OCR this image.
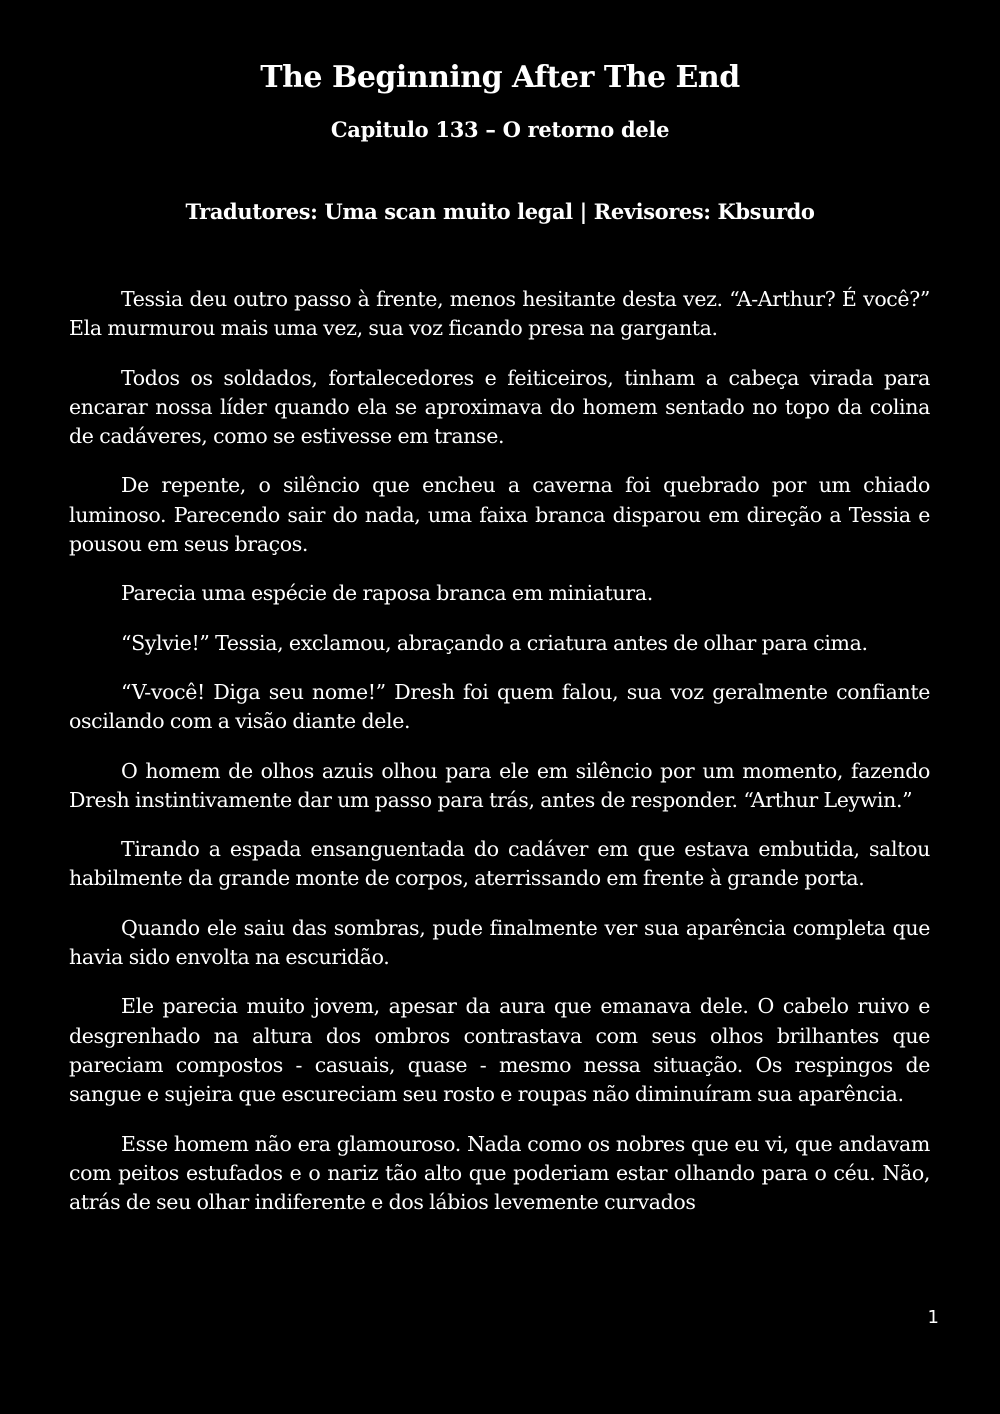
The Beginning After The End
Capitulo 133 – O retorno dele
Tradutores: Uma scan muito legal | Revisores: Kbsurdo

Tessia deu outro passo à frente, menos hesitante desta vez. “A-Arthur? É você?” Ela murmurou mais uma vez, sua voz ficando presa na garganta.

Todos os soldados, fortalecedores e feiticeiros, tinham a cabeça virada para encarar nossa líder quando ela se aproximava do homem sentado no topo da colina de cadáveres, como se estivesse em transe.

De repente, o silêncio que encheu a caverna foi quebrado por um chiado luminoso. Parecendo sair do nada, uma faixa branca disparou em direção a Tessia e pousou em seus braços.

Parecia uma espécie de raposa branca em miniatura.

“Sylvie!” Tessia, exclamou, abraçando a criatura antes de olhar para cima.

“V-você! Diga seu nome!” Dresh foi quem falou, sua voz geralmente confiante oscilando com a visão diante dele.

O homem de olhos azuis olhou para ele em silêncio por um momento, fazendo Dresh instintivamente dar um passo para trás, antes de responder. “Arthur Leywin.”

Tirando a espada ensanguentada do cadáver em que estava embutida, saltou habilmente da grande monte de corpos, aterrissando em frente à grande porta.

Quando ele saiu das sombras, pude finalmente ver sua aparência completa que havia sido envolta na escuridão.

Ele parecia muito jovem, apesar da aura que emanava dele. O cabelo ruivo e desgrenhado na altura dos ombros contrastava com seus olhos brilhantes que pareciam compostos - casuais, quase - mesmo nessa situação. Os respingos de sangue e sujeira que escureciam seu rosto e roupas não diminuíram sua aparência.

Esse homem não era glamouroso. Nada como os nobres que eu vi, que andavam com peitos estufados e o nariz tão alto que poderiam estar olhando para o céu. Não, atrás de seu olhar indiferente e dos lábios levemente curvados

1
